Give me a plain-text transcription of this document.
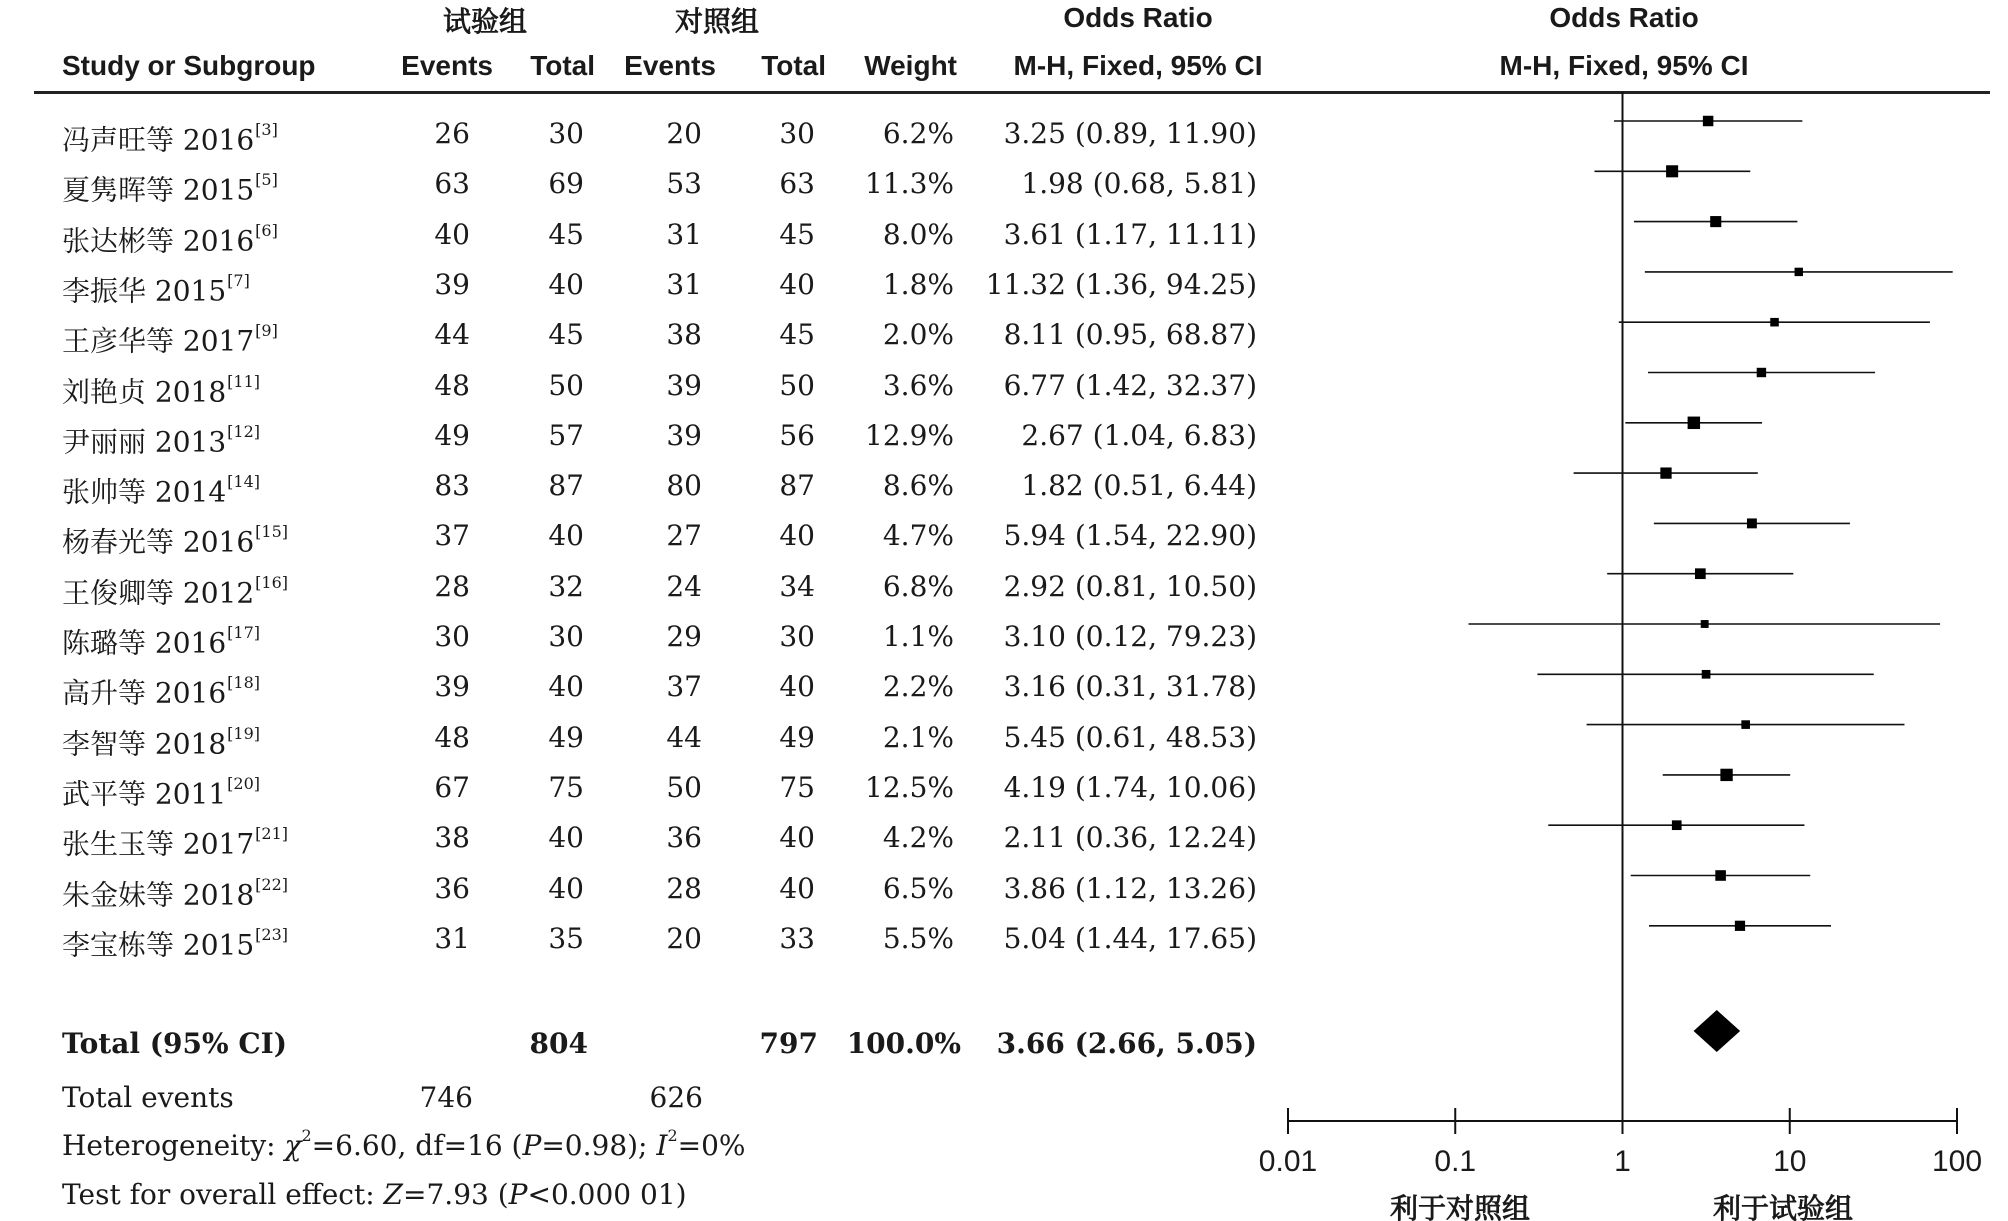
试验组	对照组	Odds Ratio	Odds Ratio
Study or Subgroup	Events Total Events Total Weight M-H, Fixed, 95% CI	M-H, Fixed, 95% CI
冯声旺等 2016[3]	26	30	20	30 6.2% 3.25 (0.89, 11.90)
夏隽晖等 2015[5]	63	69	53	63 11.3% 1.98 (0.68, 5.81)
张达彬等 2016[6]	40	45	31	45 8.0% 3.61 (1.17, 11.11)
李振华 2015[7]	39	40	31	40 1.8% 11.32 (1.36, 94.25)
王彦华等 2017[9]	44	45	38	45 2.0% 8.11 (0.95, 68.87)
刘艳贞 2018[11]	48	50	39	50 3.6% 6.77 (1.42, 32.37)
尹丽丽 2013[12]	49	57	39	56 12.9% 2.67 (1.04, 6.83)
张帅等 2014[14]	83	87	80	87 8.6% 1.82 (0.51, 6.44)
杨春光等 2016[15]	37	40	27	40 4.7% 5.94 (1.54, 22.90)
王俊卿等 2012[16]	28	32	24	34 6.8% 2.92 (0.81, 10.50)
陈璐等 2016[17]	30	30	29	30 1.1% 3.10 (0.12, 79.23)
高升等 2016[18]	39	40	37	40 2.2% 3.16 (0.31, 31.78)
李智等 2018[19]	48	49	44	49 2.1% 5.45 (0.61, 48.53)
武平等 2011[20]	67	75	50	75 12.5% 4.19 (1.74, 10.06)
张生玉等 2017[21]	38	40	36	40 4.2% 2.11 (0.36, 12.24)
朱金妹等 2018[22]	36	40	28	40 6.5% 3.86 (1.12, 13.26)
李宝栋等 2015[23]	31	35	20	33 5.5% 5.04 (1.44, 17.65)
Total (95% CI)	804	797 100.0% 3.66 (2.66, 5.05)
Total events	746	626
Heterogeneity: $\chi^2=6.60$, df=16 (P=0.98); $I^2=0\%$
Test for overall effect: Z=7.93 (P<0.000 01)
0.01	0.1	1	10	100
利于对照组	利于试验组
